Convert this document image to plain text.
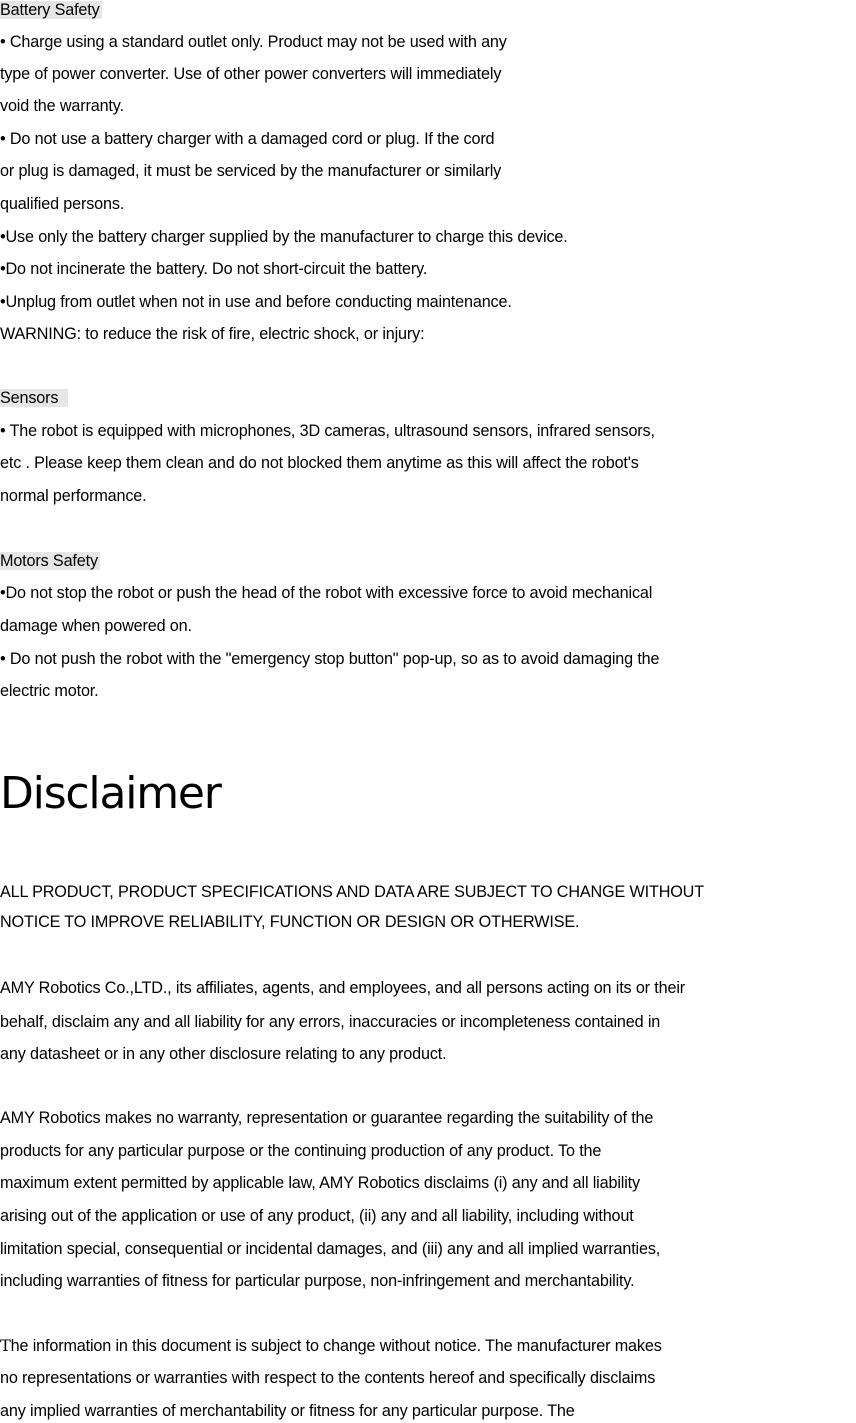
Battery Safety
• Charge using a standard outlet only. Product may not be used with any
type of power converter. Use of other power converters will immediately
void the warranty.
• Do not use a battery charger with a damaged cord or plug. If the cord
or plug is damaged, it must be serviced by the manufacturer or similarly
qualified persons.
•Use only the battery charger supplied by the manufacturer to charge this device.
•Do not incinerate the battery. Do not short-circuit the battery.
•Unplug from outlet when not in use and before conducting maintenance.
WARNING: to reduce the risk of fire, electric shock, or injury:
Sensors
• The robot is equipped with microphones, 3D cameras, ultrasound sensors, infrared sensors,
etc . Please keep them clean and do not blocked them anytime as this will affect the robot's
normal performance.
Motors Safety
•Do not stop the robot or push the head of the robot with excessive force to avoid mechanical
damage when powered on.
• Do not push the robot with the "emergency stop button" pop-up, so as to avoid damaging the
electric motor.
Disclaimer
ALL PRODUCT, PRODUCT SPECIFICATIONS AND DATA ARE SUBJECT TO CHANGE WITHOUT
NOTICE TO IMPROVE RELIABILITY, FUNCTION OR DESIGN OR OTHERWISE.
AMY Robotics Co.,LTD., its affiliates, agents, and employees, and all persons acting on its or their
behalf, disclaim any and all liability for any errors, inaccuracies or incompleteness contained in
any datasheet or in any other disclosure relating to any product.
AMY Robotics makes no warranty, representation or guarantee regarding the suitability of the
products for any particular purpose or the continuing production of any product. To the
maximum extent permitted by applicable law, AMY Robotics disclaims (i) any and all liability
arising out of the application or use of any product, (ii) any and all liability, including without
limitation special, consequential or incidental damages, and (iii) any and all implied warranties,
including warranties of fitness for particular purpose, non-infringement and merchantability.
The information in this document is subject to change without notice. The manufacturer makes
no representations or warranties with respect to the contents hereof and specifically disclaims
any implied warranties of merchantability or fitness for any particular purpose. The
